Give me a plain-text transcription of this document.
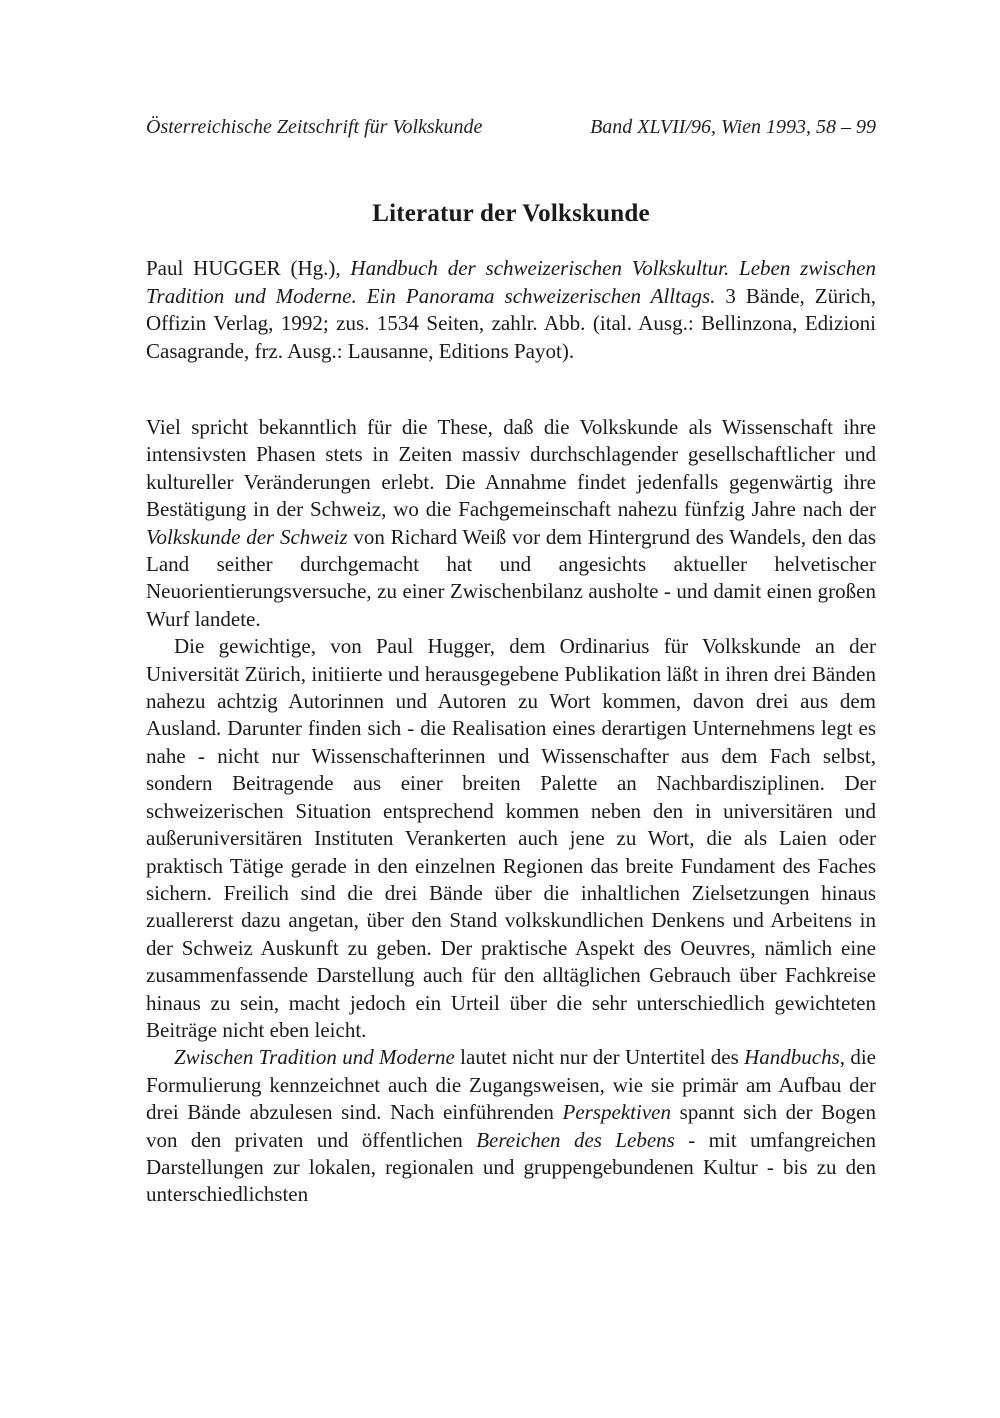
Österreichische Zeitschrift für Volkskunde	Band XLVII/96, Wien 1993, 58 – 99
Literatur der Volkskunde
Paul HUGGER (Hg.), Handbuch der schweizerischen Volkskultur. Leben zwischen Tradition und Moderne. Ein Panorama schweizerischen Alltags. 3 Bände, Zürich, Offizin Verlag, 1992; zus. 1534 Seiten, zahlr. Abb. (ital. Ausg.: Bellinzona, Edizioni Casagrande, frz. Ausg.: Lausanne, Editions Payot).

Viel spricht bekanntlich für die These, daß die Volkskunde als Wissenschaft ihre intensivsten Phasen stets in Zeiten massiv durchschlagender gesellschaftlicher und kultureller Veränderungen erlebt. Die Annahme findet jedenfalls gegenwärtig ihre Bestätigung in der Schweiz, wo die Fachgemeinschaft nahezu fünfzig Jahre nach der Volkskunde der Schweiz von Richard Weiß vor dem Hintergrund des Wandels, den das Land seither durchgemacht hat und angesichts aktueller helvetischer Neuorientierungsversuche, zu einer Zwischenbilanz ausholte - und damit einen großen Wurf landete.

Die gewichtige, von Paul Hugger, dem Ordinarius für Volkskunde an der Universität Zürich, initiierte und herausgegebene Publikation läßt in ihren drei Bänden nahezu achtzig Autorinnen und Autoren zu Wort kommen, davon drei aus dem Ausland. Darunter finden sich - die Realisation eines derartigen Unternehmens legt es nahe - nicht nur Wissenschafterinnen und Wissenschafter aus dem Fach selbst, sondern Beitragende aus einer breiten Palette an Nachbardisziplinen. Der schweizerischen Situation entsprechend kommen neben den in universitären und außeruniversitären Instituten Verankerten auch jene zu Wort, die als Laien oder praktisch Tätige gerade in den einzelnen Regionen das breite Fundament des Faches sichern. Freilich sind die drei Bände über die inhaltlichen Zielsetzungen hinaus zuallererst dazu angetan, über den Stand volkskundlichen Denkens und Arbeitens in der Schweiz Auskunft zu geben. Der praktische Aspekt des Oeuvres, nämlich eine zusammenfassende Darstellung auch für den alltäglichen Gebrauch über Fachkreise hinaus zu sein, macht jedoch ein Urteil über die sehr unterschiedlich gewichteten Beiträge nicht eben leicht.

Zwischen Tradition und Moderne lautet nicht nur der Untertitel des Handbuchs, die Formulierung kennzeichnet auch die Zugangsweisen, wie sie primär am Aufbau der drei Bände abzulesen sind. Nach einführenden Perspektiven spannt sich der Bogen von den privaten und öffentlichen Bereichen des Lebens - mit umfangreichen Darstellungen zur lokalen, regionalen und gruppengebundenen Kultur - bis zu den unterschiedlichsten
